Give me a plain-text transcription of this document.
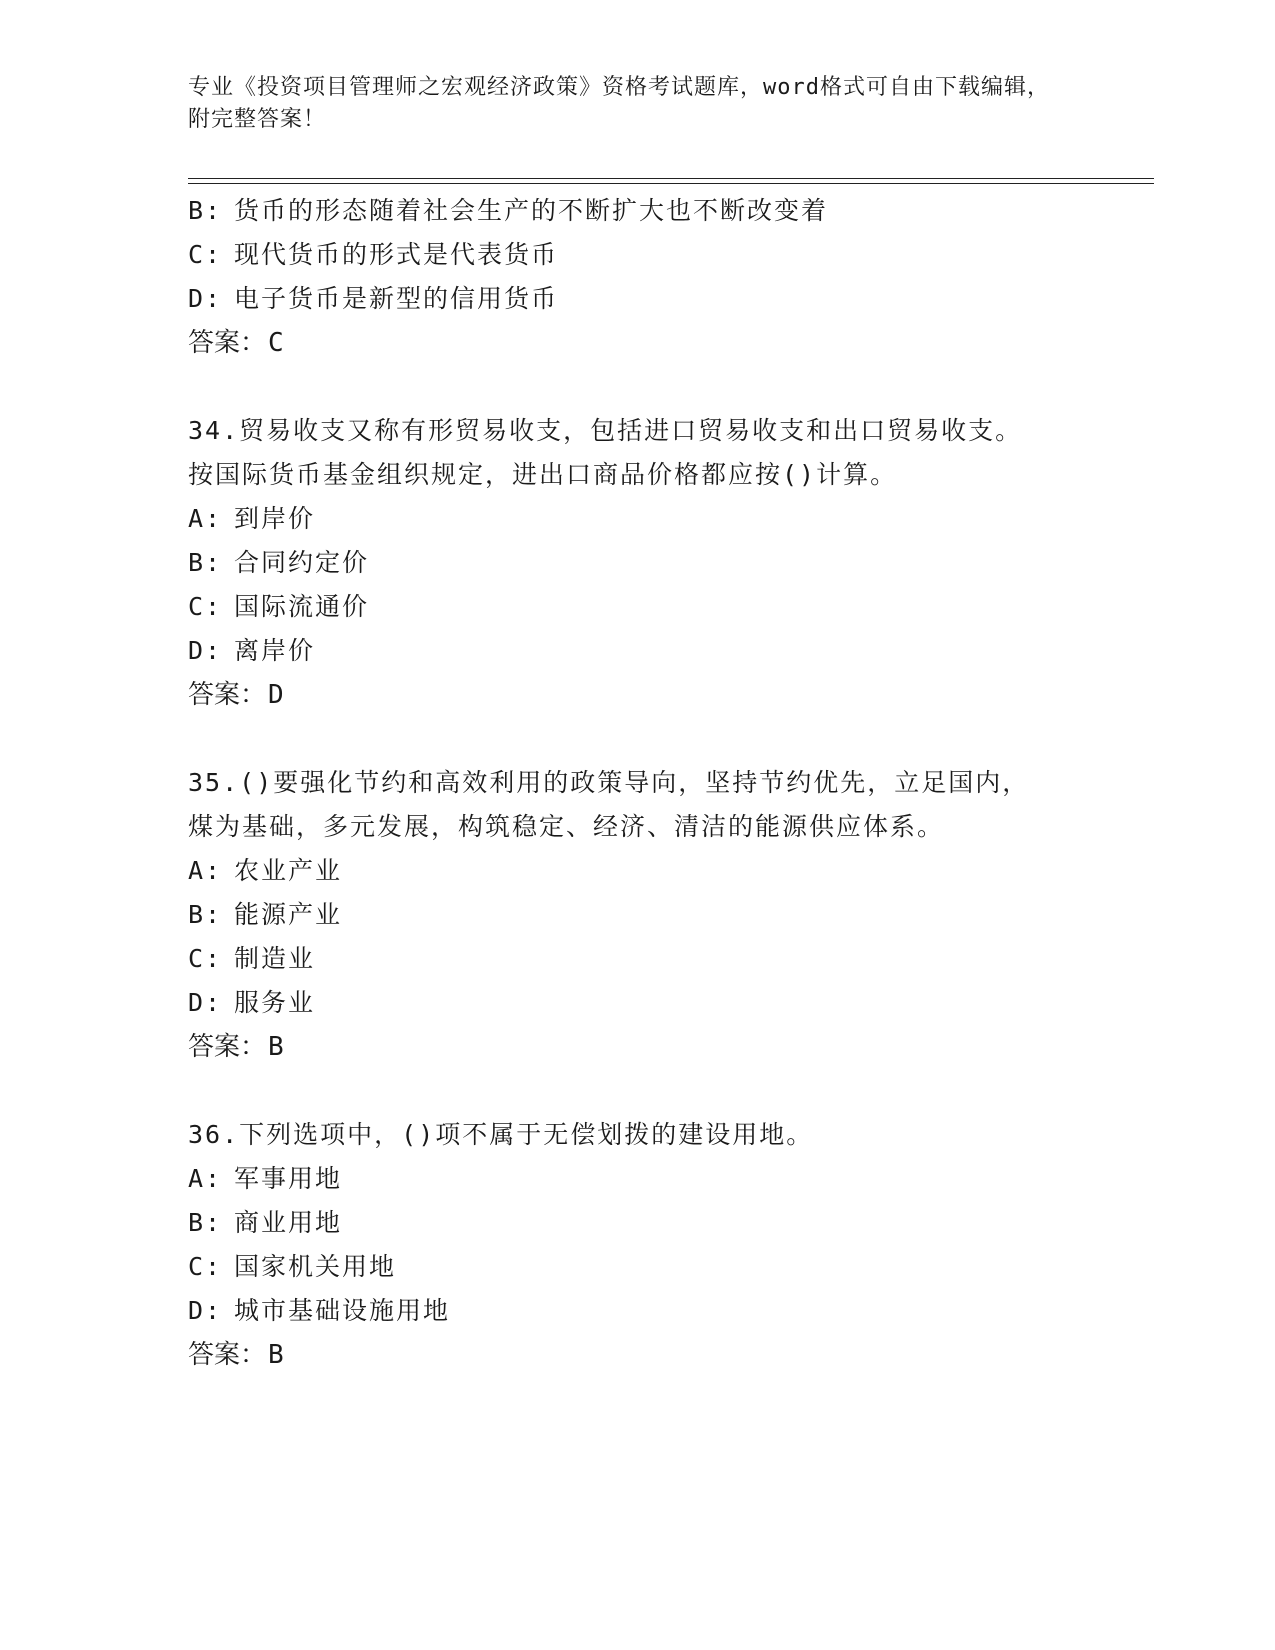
专业《投资项目管理师之宏观经济政策》资格考试题库，word格式可自由下载编辑，附完整答案！
B: 货币的形态随着社会生产的不断扩大也不断改变着
C: 现代货币的形式是代表货币
D: 电子货币是新型的信用货币
答案：C
34.贸易收支又称有形贸易收支，包括进口贸易收支和出口贸易收支。
按国际货币基金组织规定，进出口商品价格都应按()计算。
A: 到岸价
B: 合同约定价
C: 国际流通价
D: 离岸价
答案：D
35.()要强化节约和高效利用的政策导向，坚持节约优先，立足国内，
煤为基础，多元发展，构筑稳定、经济、清洁的能源供应体系。
A: 农业产业
B: 能源产业
C: 制造业
D: 服务业
答案：B
36.下列选项中，()项不属于无偿划拨的建设用地。
A: 军事用地
B: 商业用地
C: 国家机关用地
D: 城市基础设施用地
答案：B
